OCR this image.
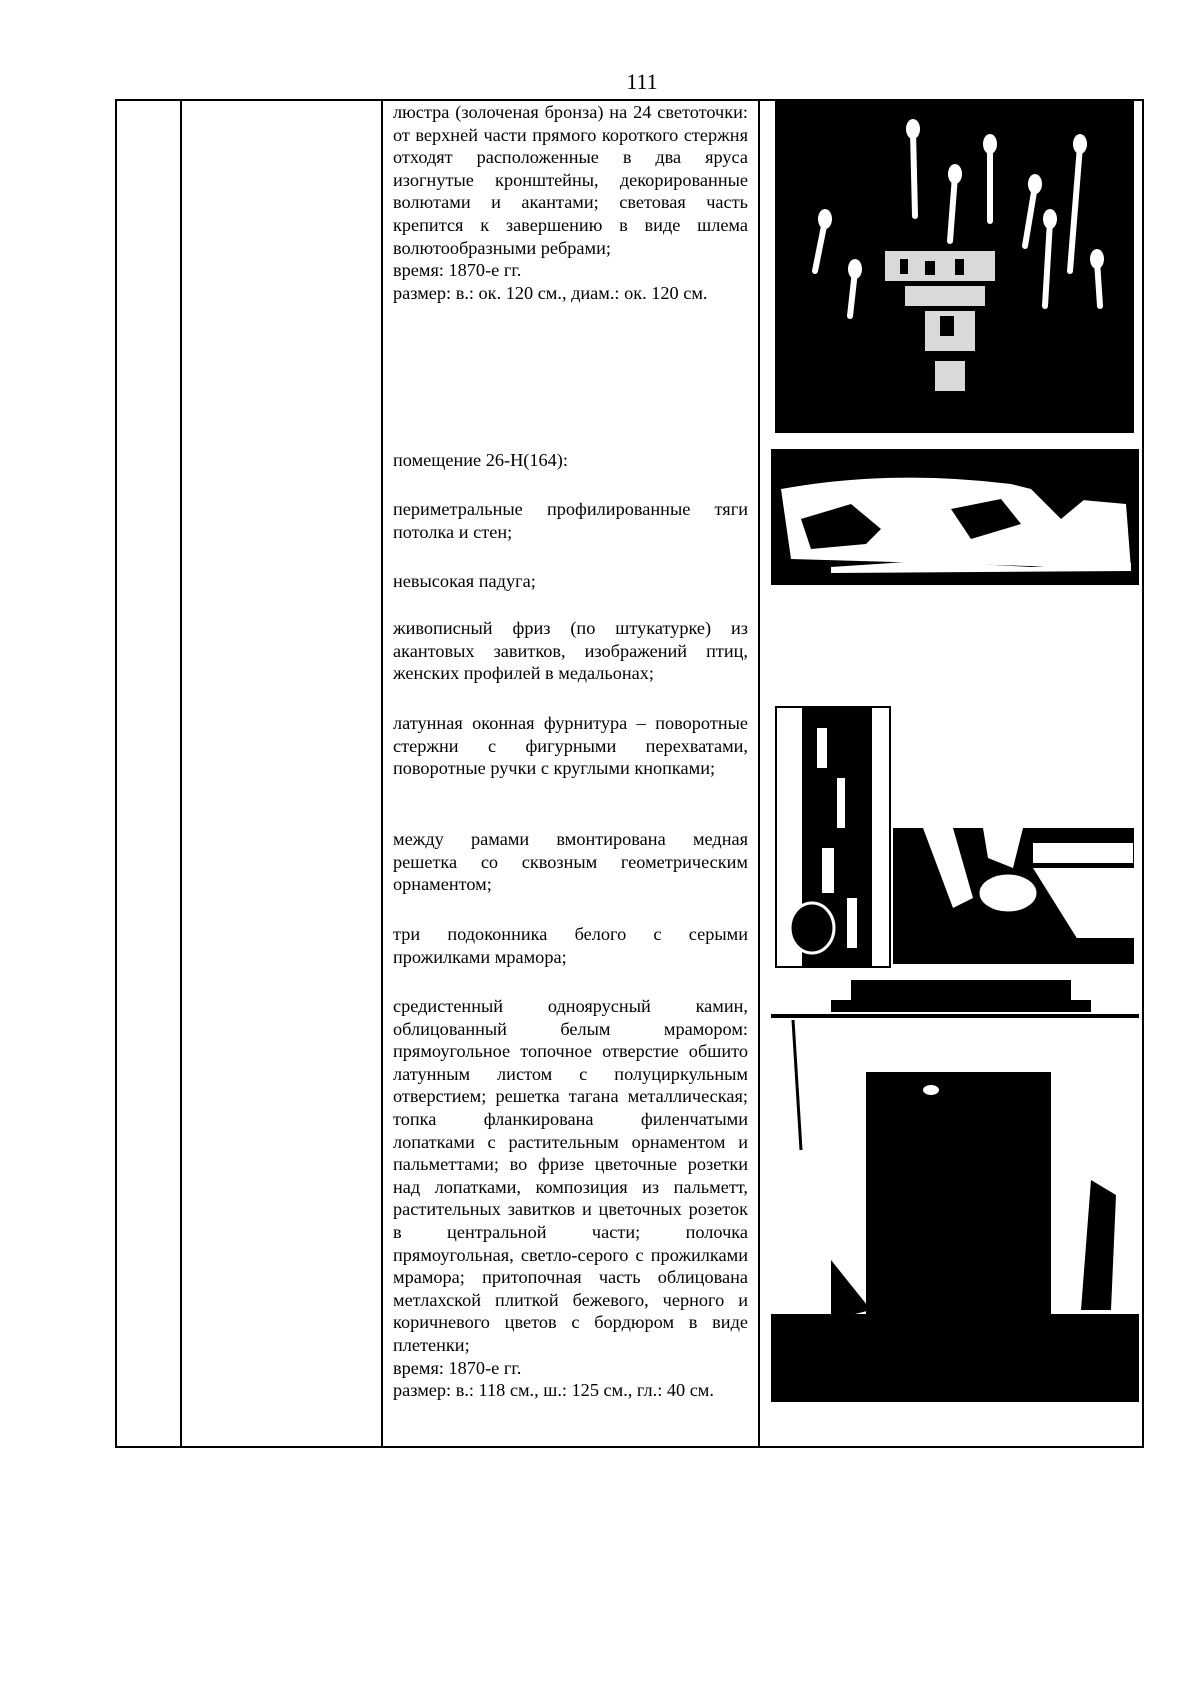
111

люстра (золоченая бронза) на 24 светоточки: от верхней части прямого короткого стержня отходят расположенные в два яруса изогнутые кронштейны, декорированные волютами и акантами; световая часть крепится к завершению в виде шлема волютообразными ребрами;

время: 1870-е гг.

размер: в.: ок. 120 см., диам.: ок. 120 см.

помещение 26-Н(164):

периметральные профилированные тяги потолка и стен;

невысокая падуга;

живописный фриз (по штукатурке) из акантовых завитков, изображений птиц, женских профилей в медальонах;

латунная оконная фурнитура – поворотные стержни с фигурными перехватами, поворотные ручки с круглыми кнопками;

между рамами вмонтирована медная решетка со сквозным геометрическим орнаментом;

три подоконника белого с серыми прожилками мрамора;

средистенный одноярусный камин, облицованный белым мрамором: прямоугольное топочное отверстие обшито латунным листом с полуциркульным отверстием; решетка тагана металлическая; топка фланкирована филенчатыми лопатками с растительным орнаментом и пальметтами; во фризе цветочные розетки над лопатками, композиция из пальметт, растительных завитков и цветочных розеток в центральной части; полочка прямоугольная, светло-серого с прожилками мрамора; притопочная часть облицована метлахской плиткой бежевого, черного и коричневого цветов с бордюром в виде плетенки;

время: 1870-е гг.

размер: в.: 118 см., ш.: 125 см., гл.: 40 см.
